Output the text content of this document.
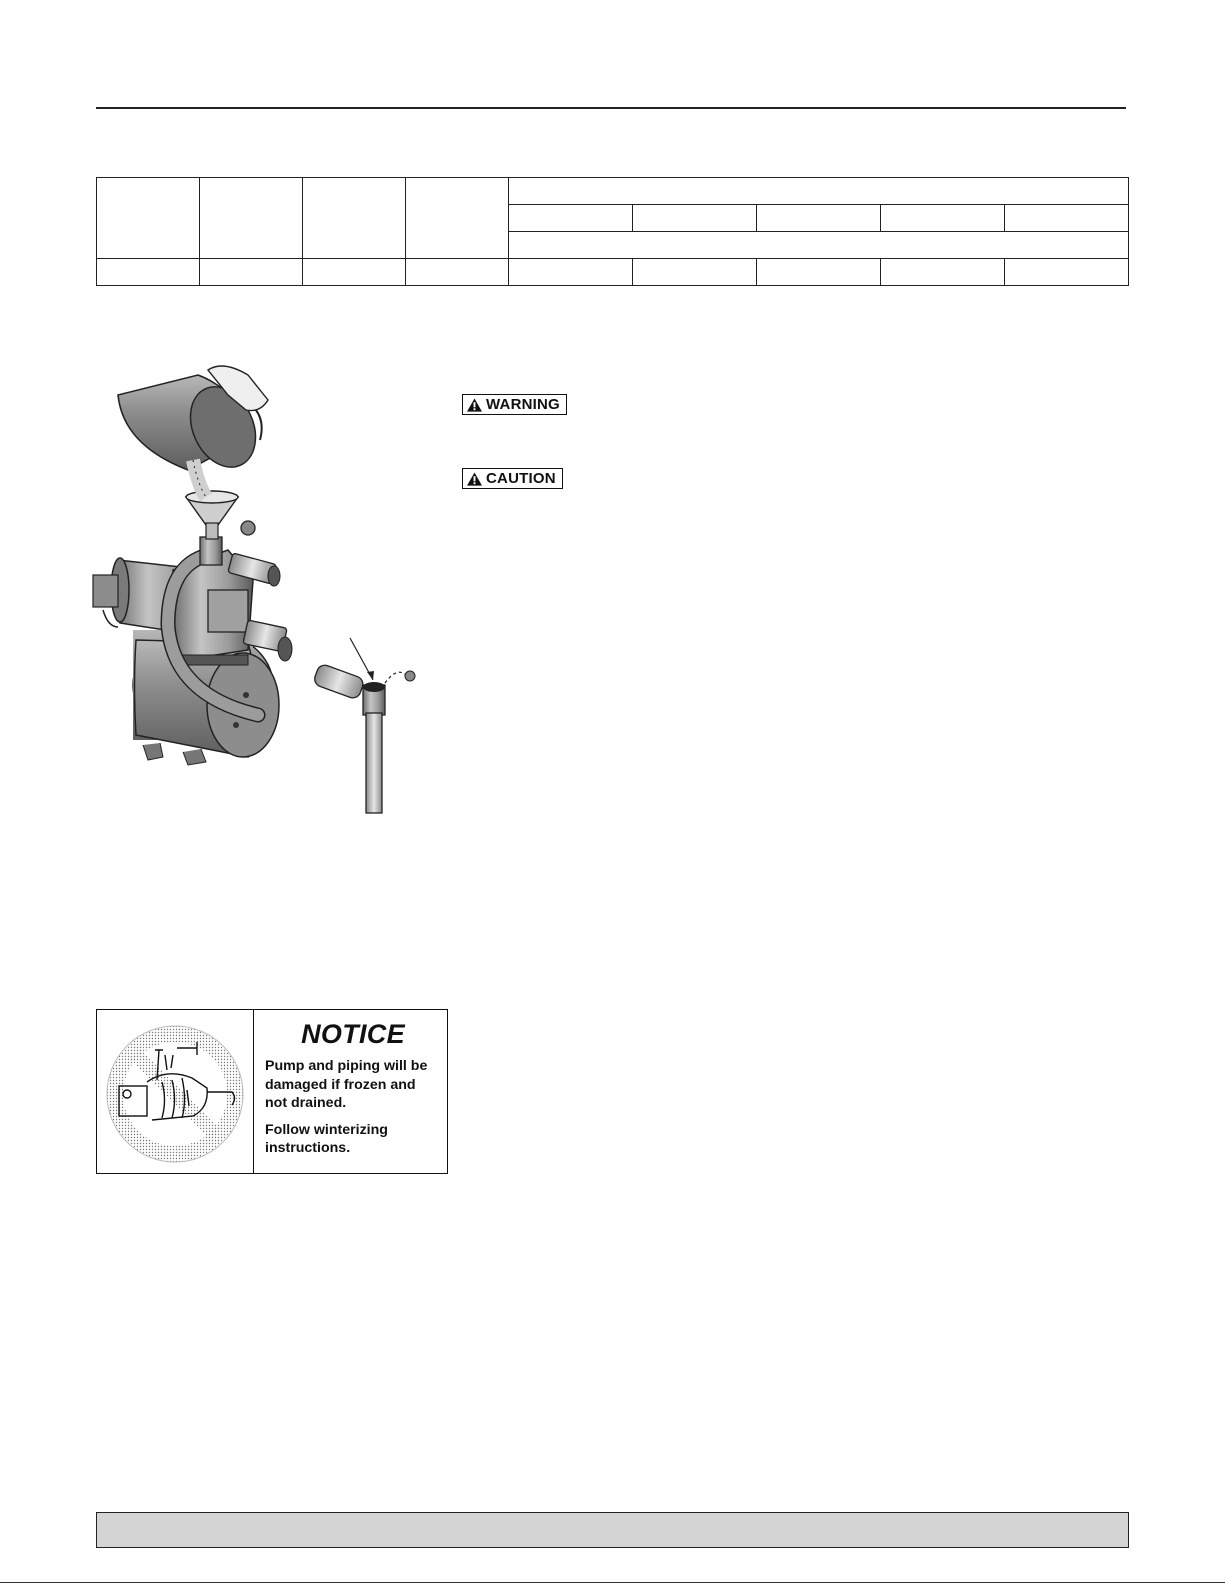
WARNING
CAUTION
NOTICE
Pump and piping will be damaged if frozen and not drained.
Follow winterizing instructions.
